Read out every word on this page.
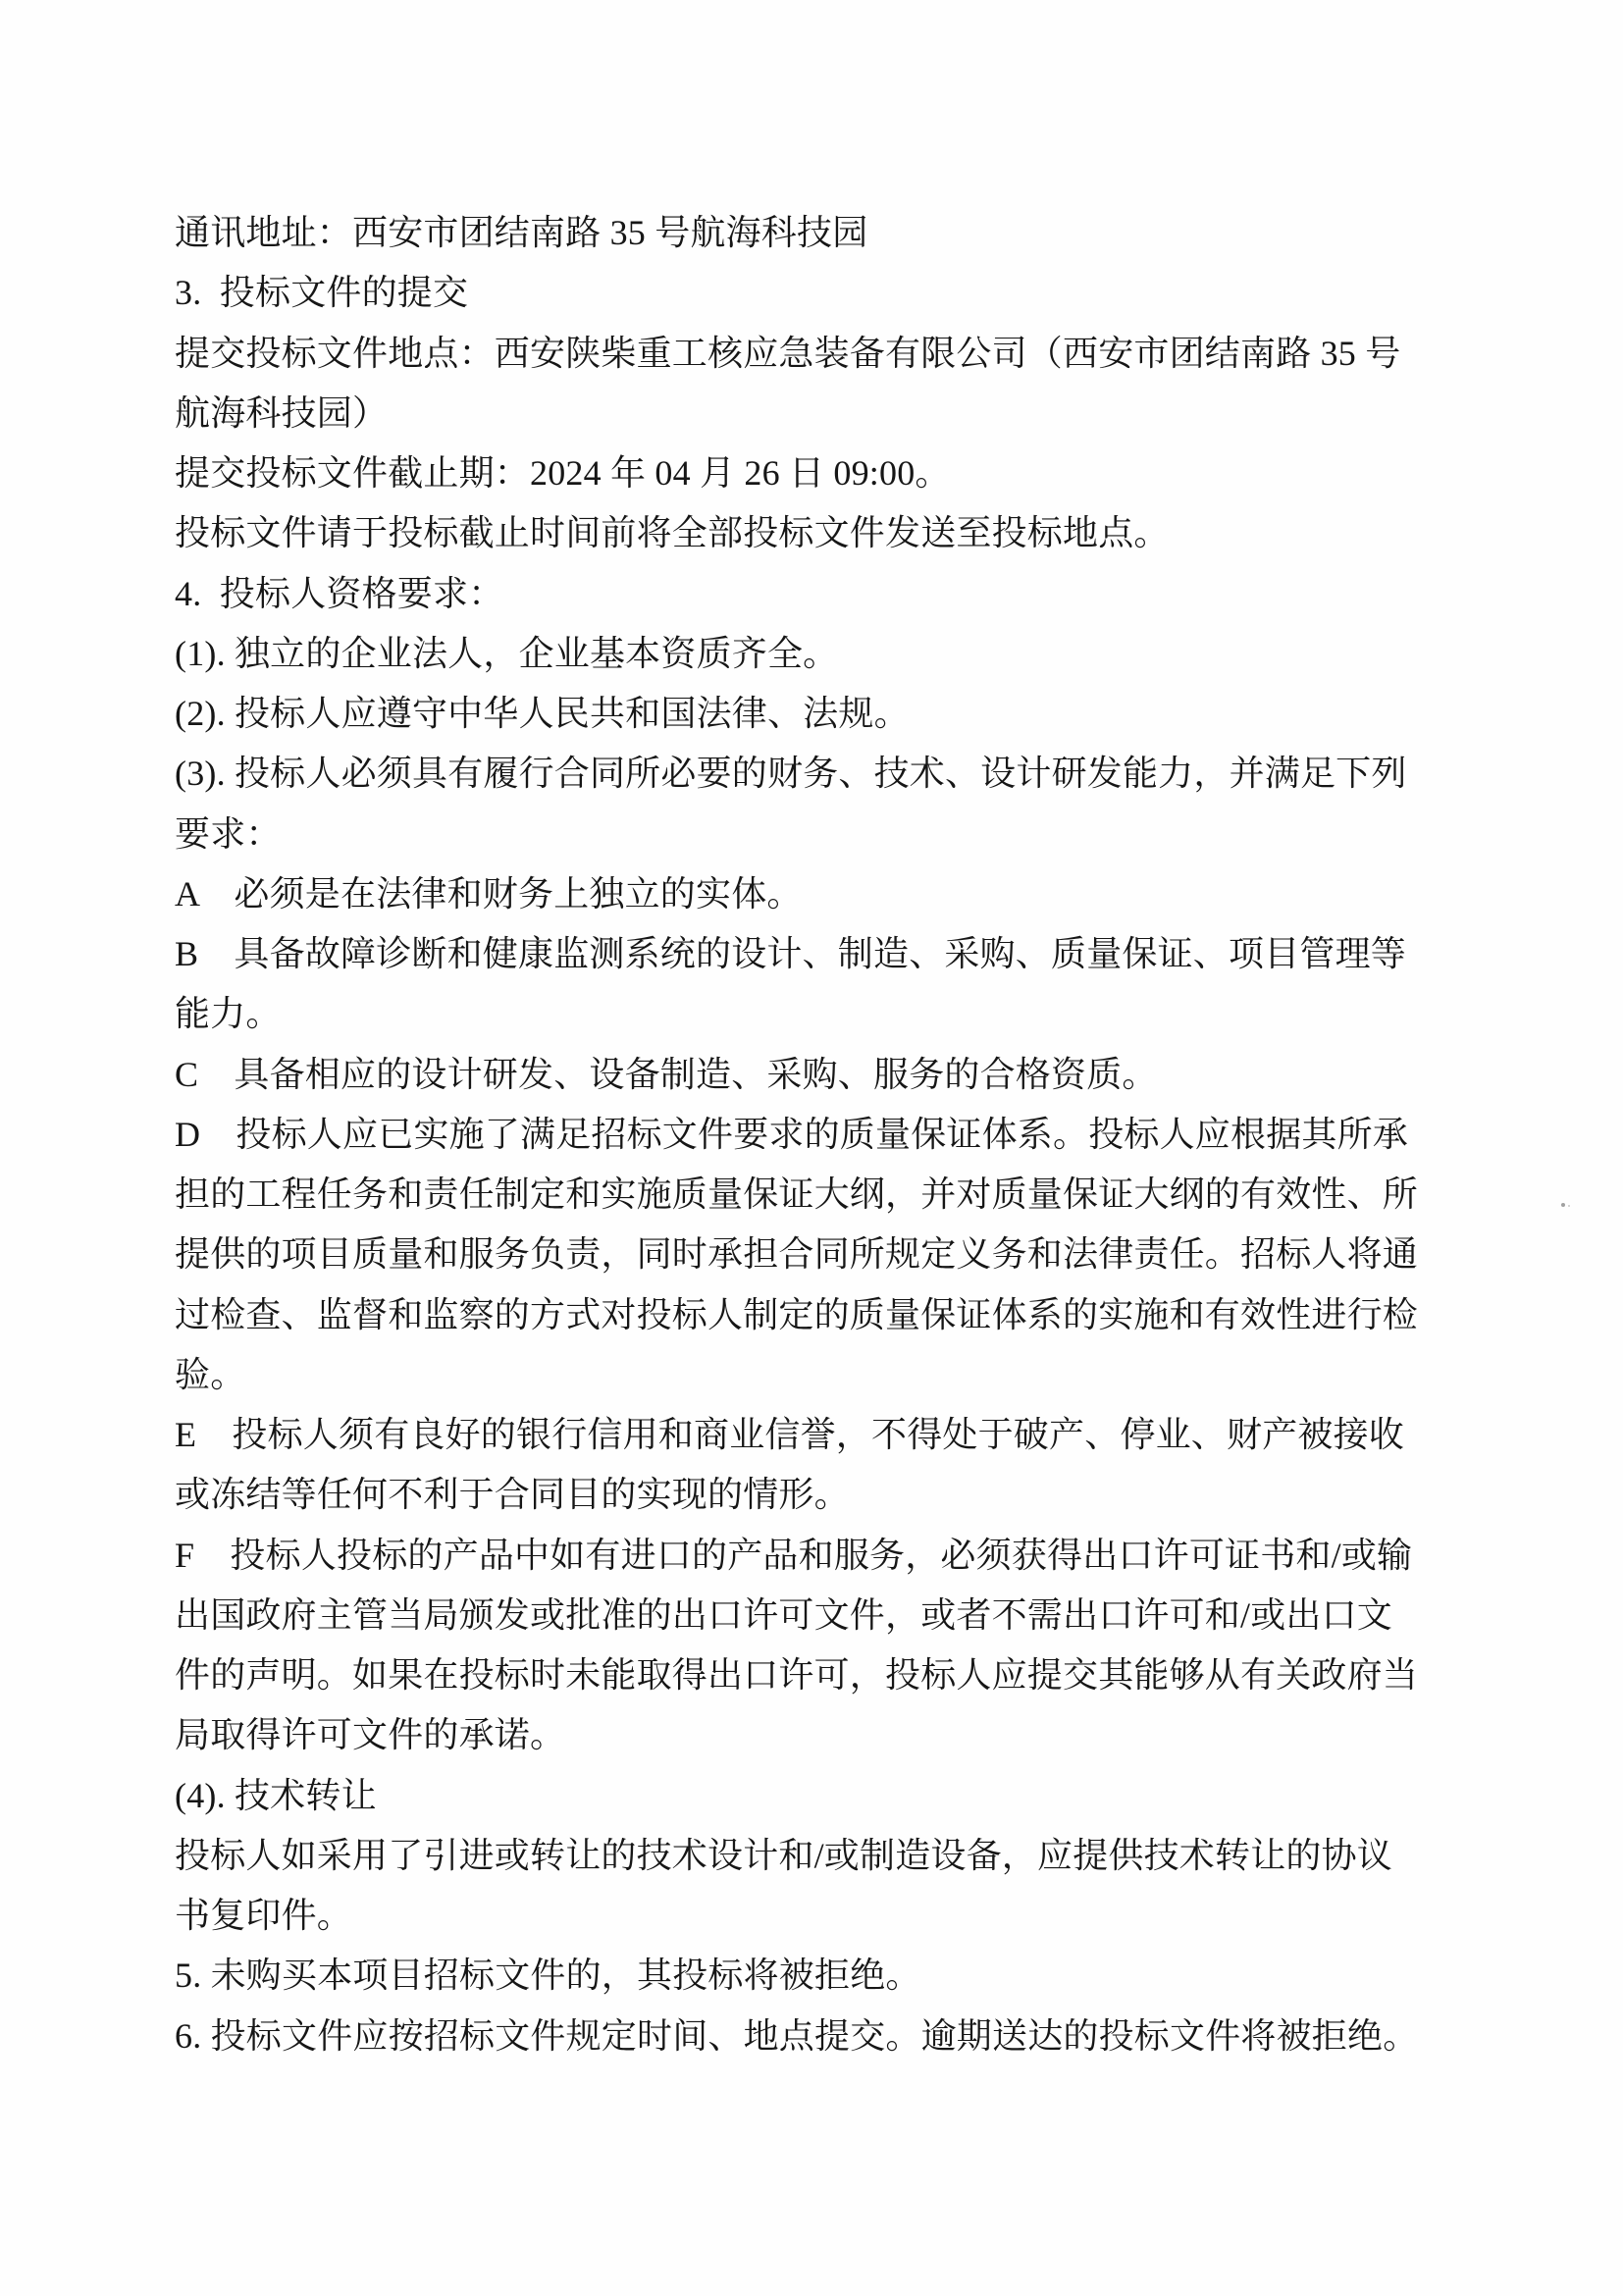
通讯地址：西安市团结南路 35 号航海科技园
3.  投标文件的提交
提交投标文件地点：西安陕柴重工核应急装备有限公司（西安市团结南路 35 号
航海科技园）
提交投标文件截止期：2024 年 04 月 26 日 09:00。
投标文件请于投标截止时间前将全部投标文件发送至投标地点。
4.  投标人资格要求：
(1). 独立的企业法人，企业基本资质齐全。
(2). 投标人应遵守中华人民共和国法律、法规。
(3). 投标人必须具有履行合同所必要的财务、技术、设计研发能力，并满足下列
要求：
A　必须是在法律和财务上独立的实体。
B　具备故障诊断和健康监测系统的设计、制造、采购、质量保证、项目管理等
能力。
C　具备相应的设计研发、设备制造、采购、服务的合格资质。
D　投标人应已实施了满足招标文件要求的质量保证体系。投标人应根据其所承
担的工程任务和责任制定和实施质量保证大纲，并对质量保证大纲的有效性、所
提供的项目质量和服务负责，同时承担合同所规定义务和法律责任。招标人将通
过检查、监督和监察的方式对投标人制定的质量保证体系的实施和有效性进行检
验。
E　投标人须有良好的银行信用和商业信誉，不得处于破产、停业、财产被接收
或冻结等任何不利于合同目的实现的情形。
F　投标人投标的产品中如有进口的产品和服务，必须获得出口许可证书和/或输
出国政府主管当局颁发或批准的出口许可文件，或者不需出口许可和/或出口文
件的声明。如果在投标时未能取得出口许可，投标人应提交其能够从有关政府当
局取得许可文件的承诺。
(4). 技术转让
投标人如采用了引进或转让的技术设计和/或制造设备，应提供技术转让的协议
书复印件。
5. 未购买本项目招标文件的，其投标将被拒绝。
6. 投标文件应按招标文件规定时间、地点提交。逾期送达的投标文件将被拒绝。
